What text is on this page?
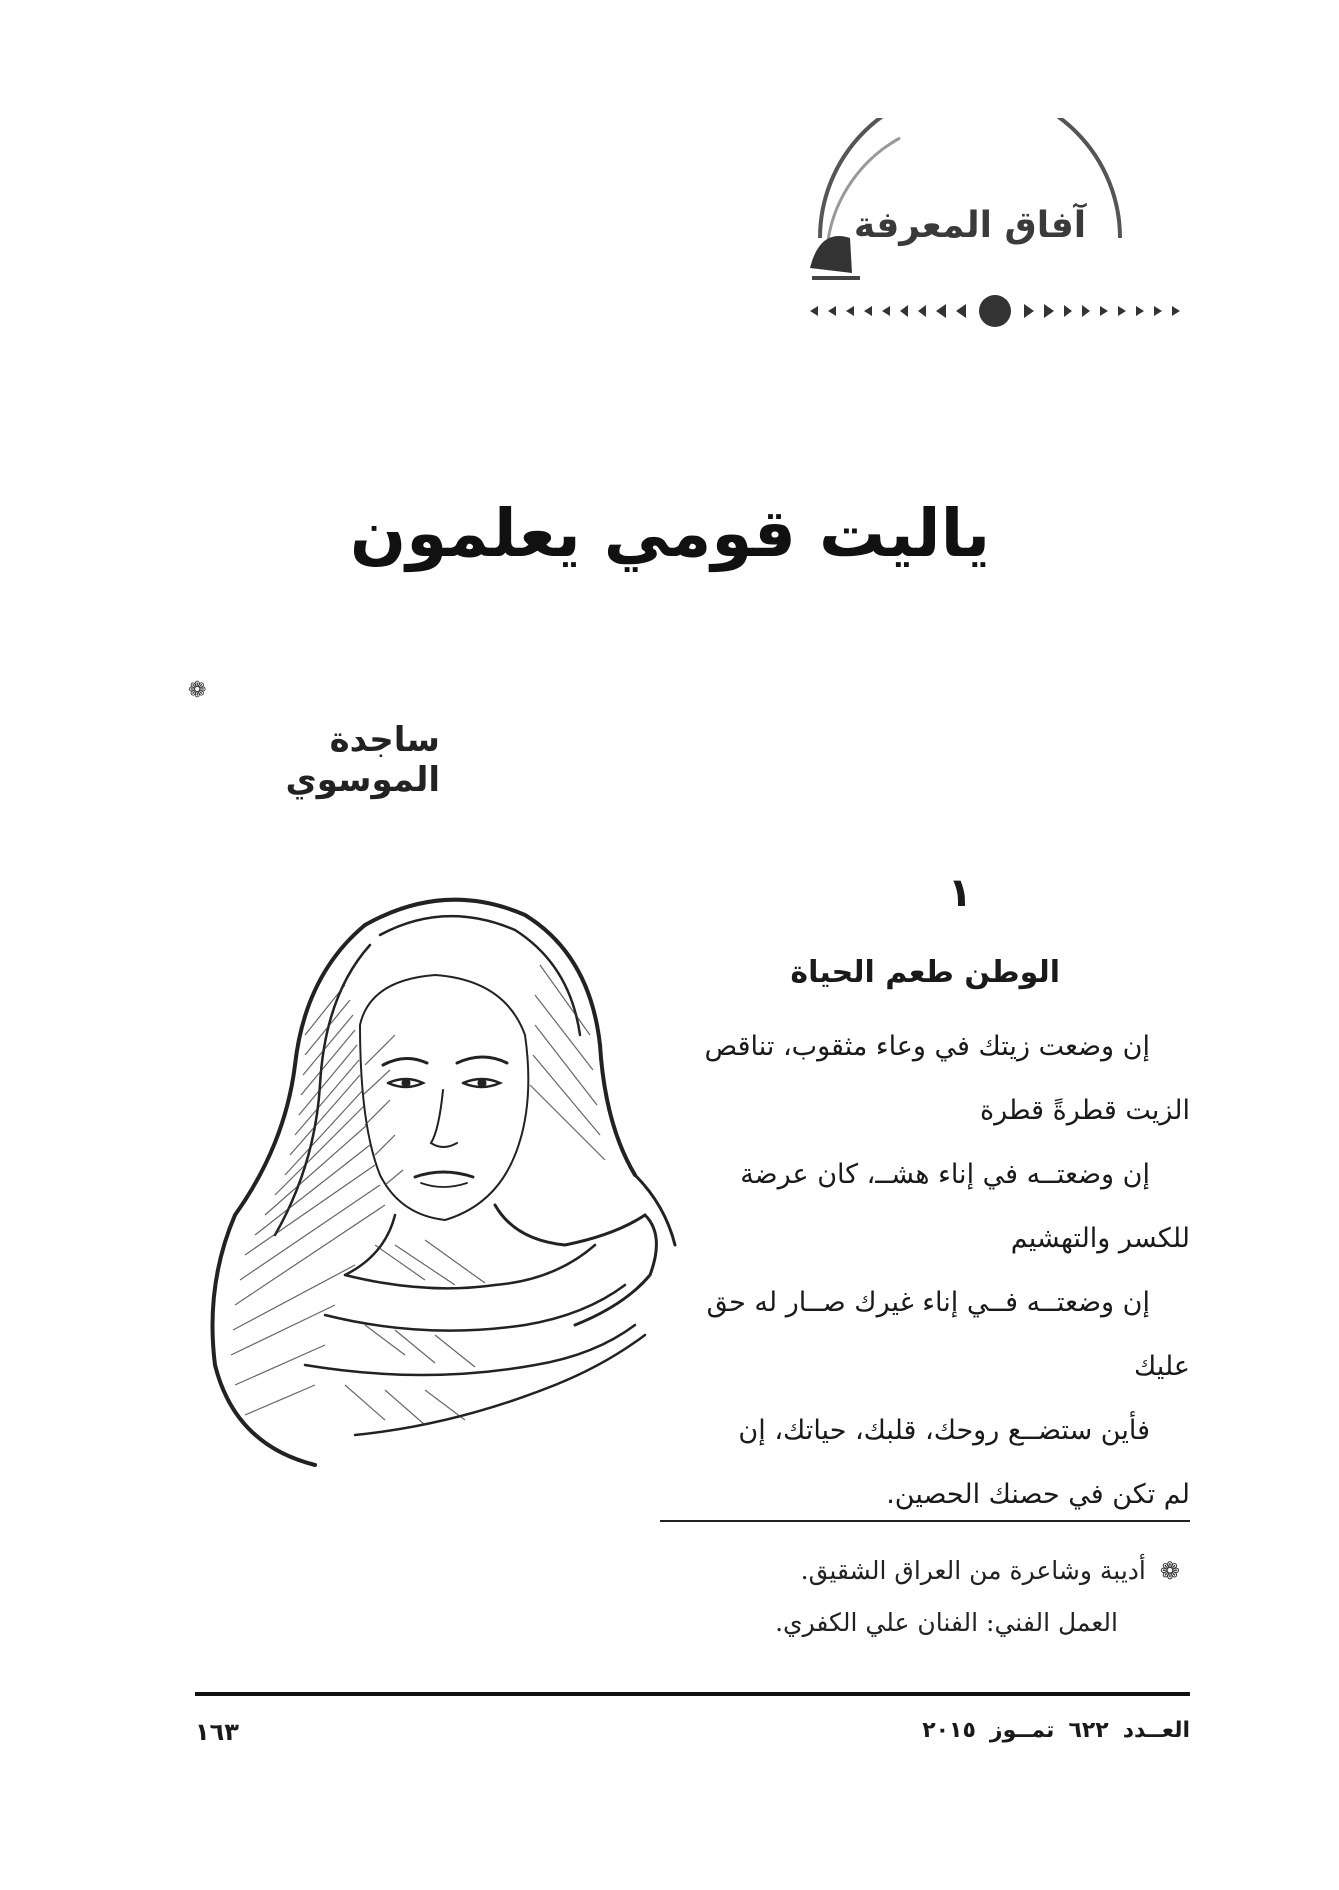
آفاق المعرفة
ياليت قومي يعلمون
❁
ساجدة الموسوي
١
الوطن طعم الحياة
إن وضعت زيتك في وعاء مثقوب، تناقص
الزيت قطرةً قطرة
إن وضعتــه في إناء هشــ، كان عرضة
للكسر والتهشيم
إن وضعتــه فــي إناء غيرك صــار له حق
عليك
فأين ستضــع روحك، قلبك، حياتك، إن
لم تكن في حصنك الحصين.
❁أديبة وشاعرة من العراق الشقيق.
العمل الفني: الفنان علي الكفري.
١٦٣	العــدد٦٢٢تمــوز٢٠١٥
